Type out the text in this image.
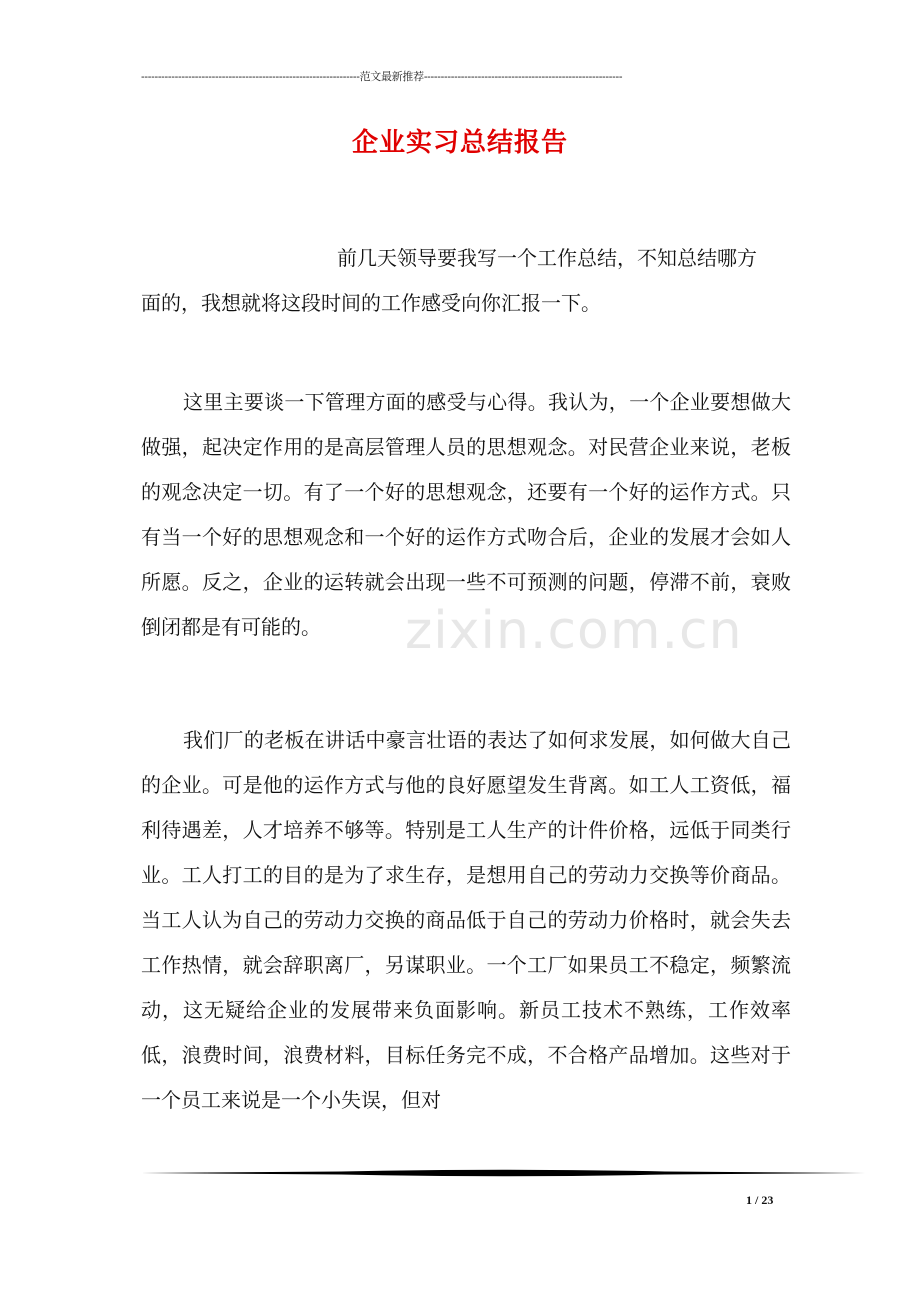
-----------------------------------------------------------------范文最新推荐-----------------------------------------------------------
企业实习总结报告
前几天领导要我写一个工作总结，不知总结哪方
面的，我想就将这段时间的工作感受向你汇报一下。

这里主要谈一下管理方面的感受与心得。我认为，一个企业要想做大做强，起决定作用的是高层管理人员的思想观念。对民营企业来说，老板的观念决定一切。有了一个好的思想观念，还要有一个好的运作方式。只有当一个好的思想观念和一个好的运作方式吻合后，企业的发展才会如人所愿。反之，企业的运转就会出现一些不可预测的问题，停滞不前，衰败倒闭都是有可能的。	zixin.com.cn

我们厂的老板在讲话中豪言壮语的表达了如何求发展，如何做大自己的企业。可是他的运作方式与他的良好愿望发生背离。如工人工资低，福利待遇差，人才培养不够等。特别是工人生产的计件价格，远低于同类行业。工人打工的目的是为了求生存，是想用自己的劳动力交换等价商品。当工人认为自己的劳动力交换的商品低于自己的劳动力价格时，就会失去工作热情，就会辞职离厂，另谋职业。一个工厂如果员工不稳定，频繁流动，这无疑给企业的发展带来负面影响。新员工技术不熟练，工作效率低，浪费时间，浪费材料，目标任务完不成，不合格产品增加。这些对于一个员工来说是一个小失误，但对

1 / 23
